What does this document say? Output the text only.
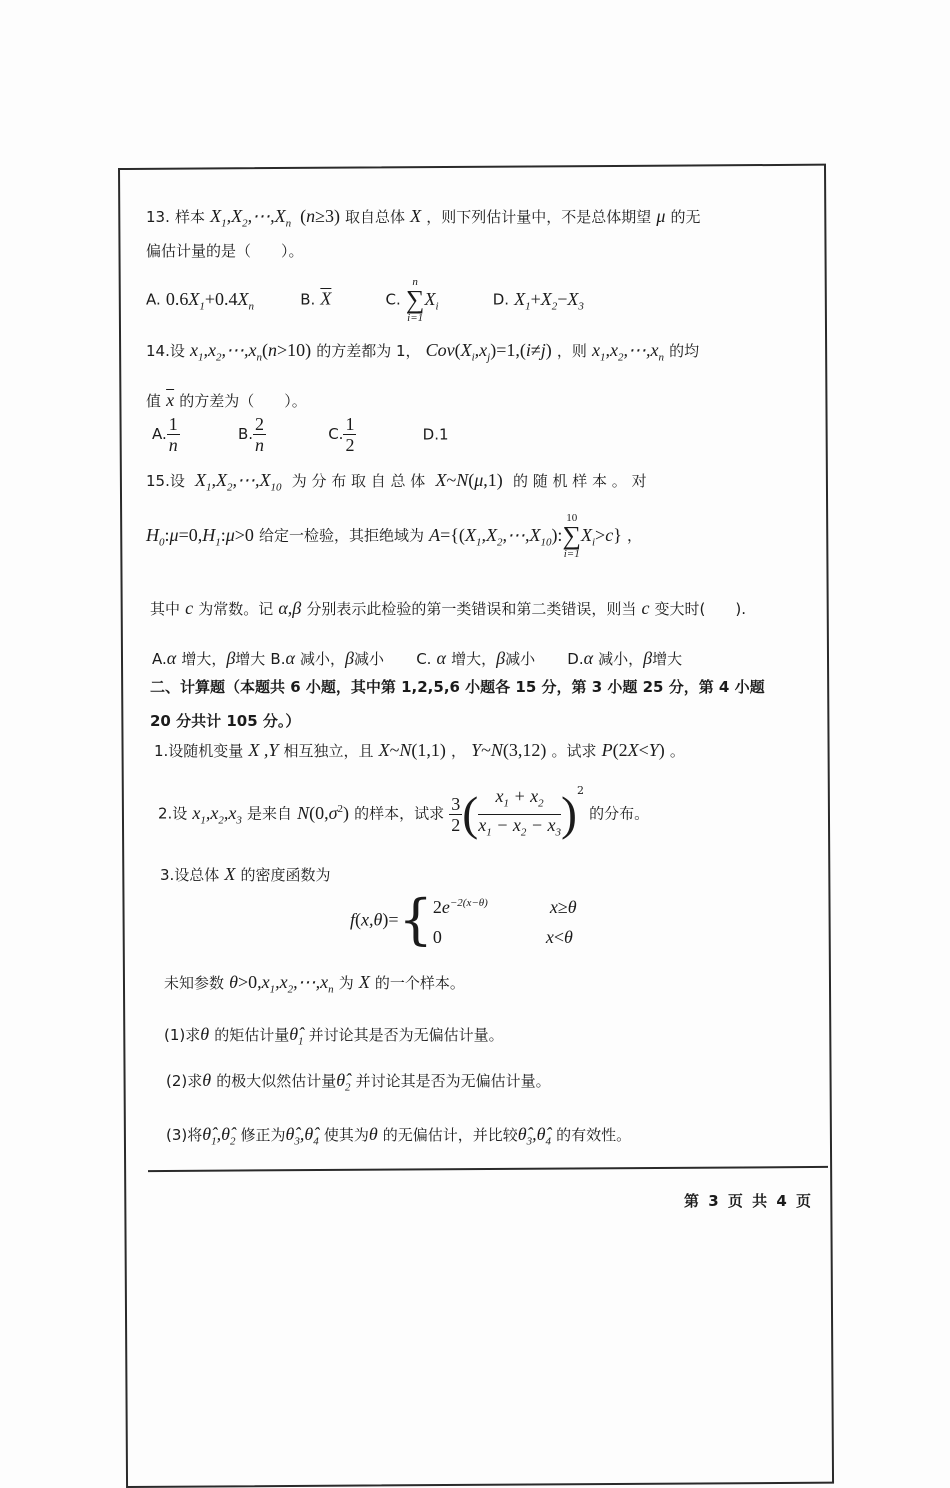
13. 样本 $X_1,X_2,\cdots,X_n$ (n≥3) 取自总体 X ，则下列估计量中，不是总体期望 μ 的无
偏估计量的是（　　）。
A. $0.6X_1+0.4X_n$	B. $\overline{X}$	C.
n
∑
i=1
$X_i$	D. $X_1+X_2-X_3$
14.设 $x_1,x_2,\cdots,x_n(n>10)$ 的方差都为 1， $Cov(X_i,x_j)=1,(i\ne j)$ ，则 $x_1,x_2,\cdots,x_n$ 的均
值 $\overline{x}$ 的方差为（　　）。
A. $\frac{1}{n}$	B. $\frac{2}{n}$	C. $\frac{1}{2}$	D.1
15.设 $X_1,X_2,\cdots,X_{10}$ 为 分 布 取 自 总 体 X~N(μ,1) 的 随 机 样 本 。 对
$H_0:\mu=0,H_1:\mu>0$ 给定一检验，其拒绝域为 $A=\{(X_1,X_2,\cdots,X_{10})$:
10
∑
i=1
$X_i>c$} ，
其中 c 为常数。记 α,β 分别表示此检验的第一类错误和第二类错误，则当 c 变大时(　　).
A.α 增大，β增大 B.α 减小，β减小 C. α 增大，β减小 D.α 减小，β增大
二、计算题（本题共 6 小题，其中第 1,2,5,6 小题各 15 分，第 3 小题 25 分，第 4 小题
20 分共计 105 分。）
1.设随机变量 X ,Y 相互独立，且 X~N(1,1) ， Y~N(3,12) 。试求 P(2X<Y) 。
2.设 $x_1,x_2,x_3$ 是来自 $N(0,\sigma^2)$ 的样本，试求 $\frac{3}{2}$ ( $\frac{x_1 + x_2}{x_1 - x_2 - x_3} )^2$ 的分布。
3.设总体 X 的密度函数为
f(x,θ)={ $2e^{-2(x-\theta)}$	x≥θ
0	x<θ
未知参数 $\theta>0,x_1,x_2,\cdots,x_n$ 为 X 的一个样本。
(1)求θ 的矩估计量$\thetâ_1$ 并讨论其是否为无偏估计量。
(2)求θ 的极大似然估计量$\thetâ_2$ 并讨论其是否为无偏估计量。
(3)将$\thetâ_1,\thetâ_2$ 修正为$\thetâ_3,\thetâ_4$ 使其为θ 的无偏估计，并比较$\thetâ_3,\thetâ_4$ 的有效性。
第 3 页 共 4 页
